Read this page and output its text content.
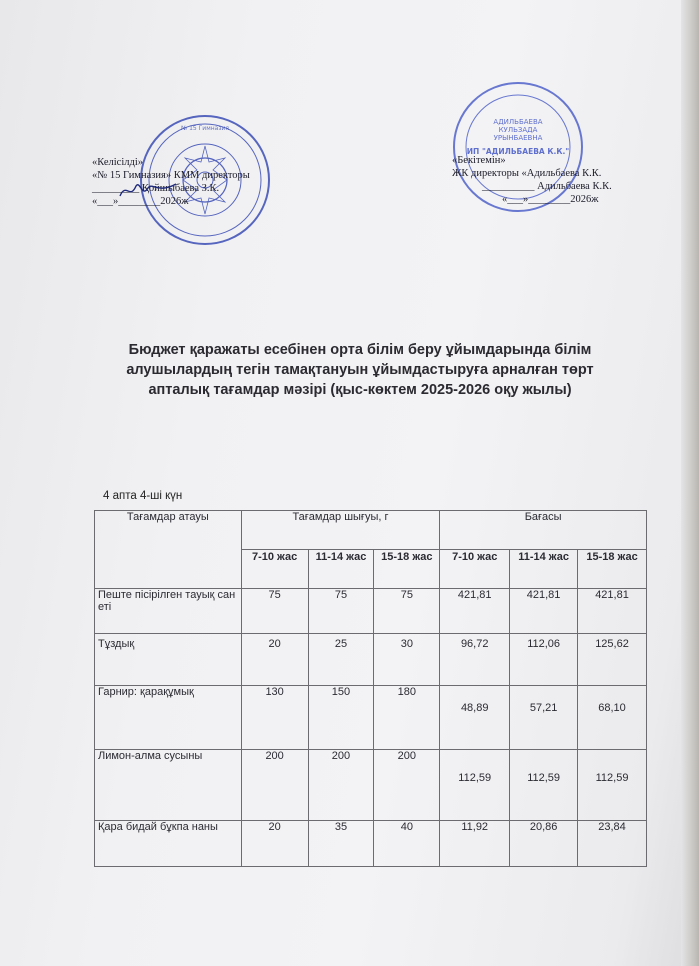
№ 15 Гимназия
«Келісілді»
«№ 15 Гимназия» КММ директоры
_________ Қойшыбаева З.К.
«___»________2026ж
АДИЛЬБАЕВА
КУЛЬЗАДА
УРЫНБАЕВНА
ИП "АДИЛЬБАЕВА К.К."
«Бекітемін»
ЖК директоры «Адильбаева К.К.
__________ Адильбаева К.К.
«___»________2026ж
Бюджет қаражаты есебінен орта білім беру ұйымдарында білім алушылардың тегін тамақтануын ұйымдастыруға арналған төрт апталық тағамдар мәзірі (қыс-көктем 2025-2026 оқу жылы)
4 апта 4-ші күн
Тағамдар атауы	Тағамдар шығуы, г			Бағасы		
	7-10 жас	11-14 жас	15-18 жас	7-10 жас	11-14 жас	15-18 жас
Пеште пісірілген тауық сан еті	75	75	75	421,81	421,81	421,81
Тұздық	20	25	30	96,72	112,06	125,62
Гарнир: қарақұмық	130	150	180	48,89	57,21	68,10
Лимон-алма сусыны	200	200	200	112,59	112,59	112,59
Қара бидай бұкпа наны	20	35	40	11,92	20,86	23,84
